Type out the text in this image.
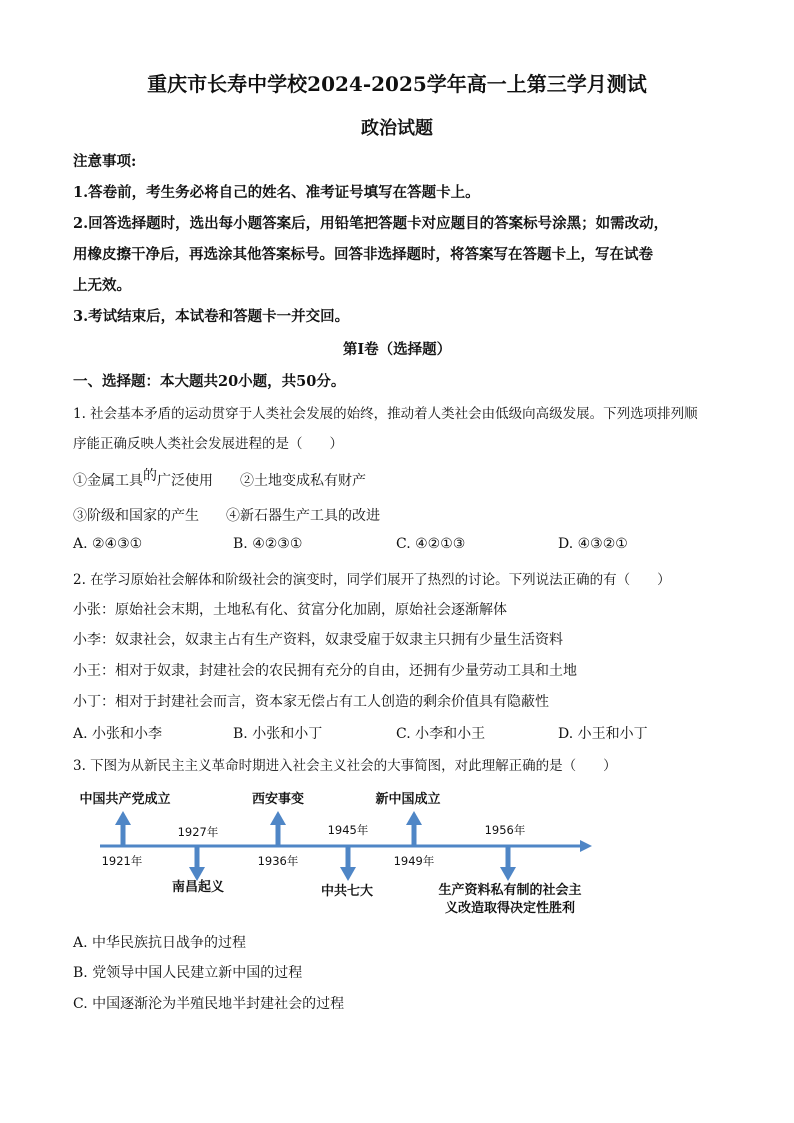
重庆市长寿中学校2024-2025学年高一上第三学月测试
政治试题
注意事项:
1.答卷前，考生务必将自己的姓名、准考证号填写在答题卡上。
2.回答选择题时，选出每小题答案后，用铅笔把答题卡对应题目的答案标号涂黑；如需改动，
用橡皮擦干净后，再选涂其他答案标号。回答非选择题时，将答案写在答题卡上，写在试卷
上无效。
3.考试结束后，本试卷和答题卡一并交回。
第Ⅰ卷（选择题）
一、选择题：本大题共20小题，共50分。
1. 社会基本矛盾的运动贯穿于人类社会发展的始终，推动着人类社会由低级向高级发展。下列选项排列顺
序能正确反映人类社会发展进程的是（　　）
①金属工具的广泛使用 ②土地变成私有财产
③阶级和国家的产生 ④新石器生产工具的改进
A. ②④③①	B. ④②③①	C. ④②①③	D. ④③②①
2. 在学习原始社会解体和阶级社会的演变时，同学们展开了热烈的讨论。下列说法正确的有（　　）
小张：原始社会末期，土地私有化、贫富分化加剧，原始社会逐渐解体
小李：奴隶社会，奴隶主占有生产资料，奴隶受雇于奴隶主只拥有少量生活资料
小王：相对于奴隶，封建社会的农民拥有充分的自由，还拥有少量劳动工具和土地
小丁：相对于封建社会而言，资本家无偿占有工人创造的剩余价值具有隐蔽性
A. 小张和小李	B. 小张和小丁	C. 小李和小王	D. 小王和小丁
3. 下图为从新民主主义革命时期进入社会主义社会的大事简图，对此理解正确的是（　　）
中国共产党成立	西安事变	新中国成立
1927年	1945年	1956年
1921年	1936年	1949年
南昌起义	中共七大	生产资料私有制的社会主
义改造取得决定性胜利
A. 中华民族抗日战争的过程
B. 党领导中国人民建立新中国的过程
C. 中国逐渐沦为半殖民地半封建社会的过程
